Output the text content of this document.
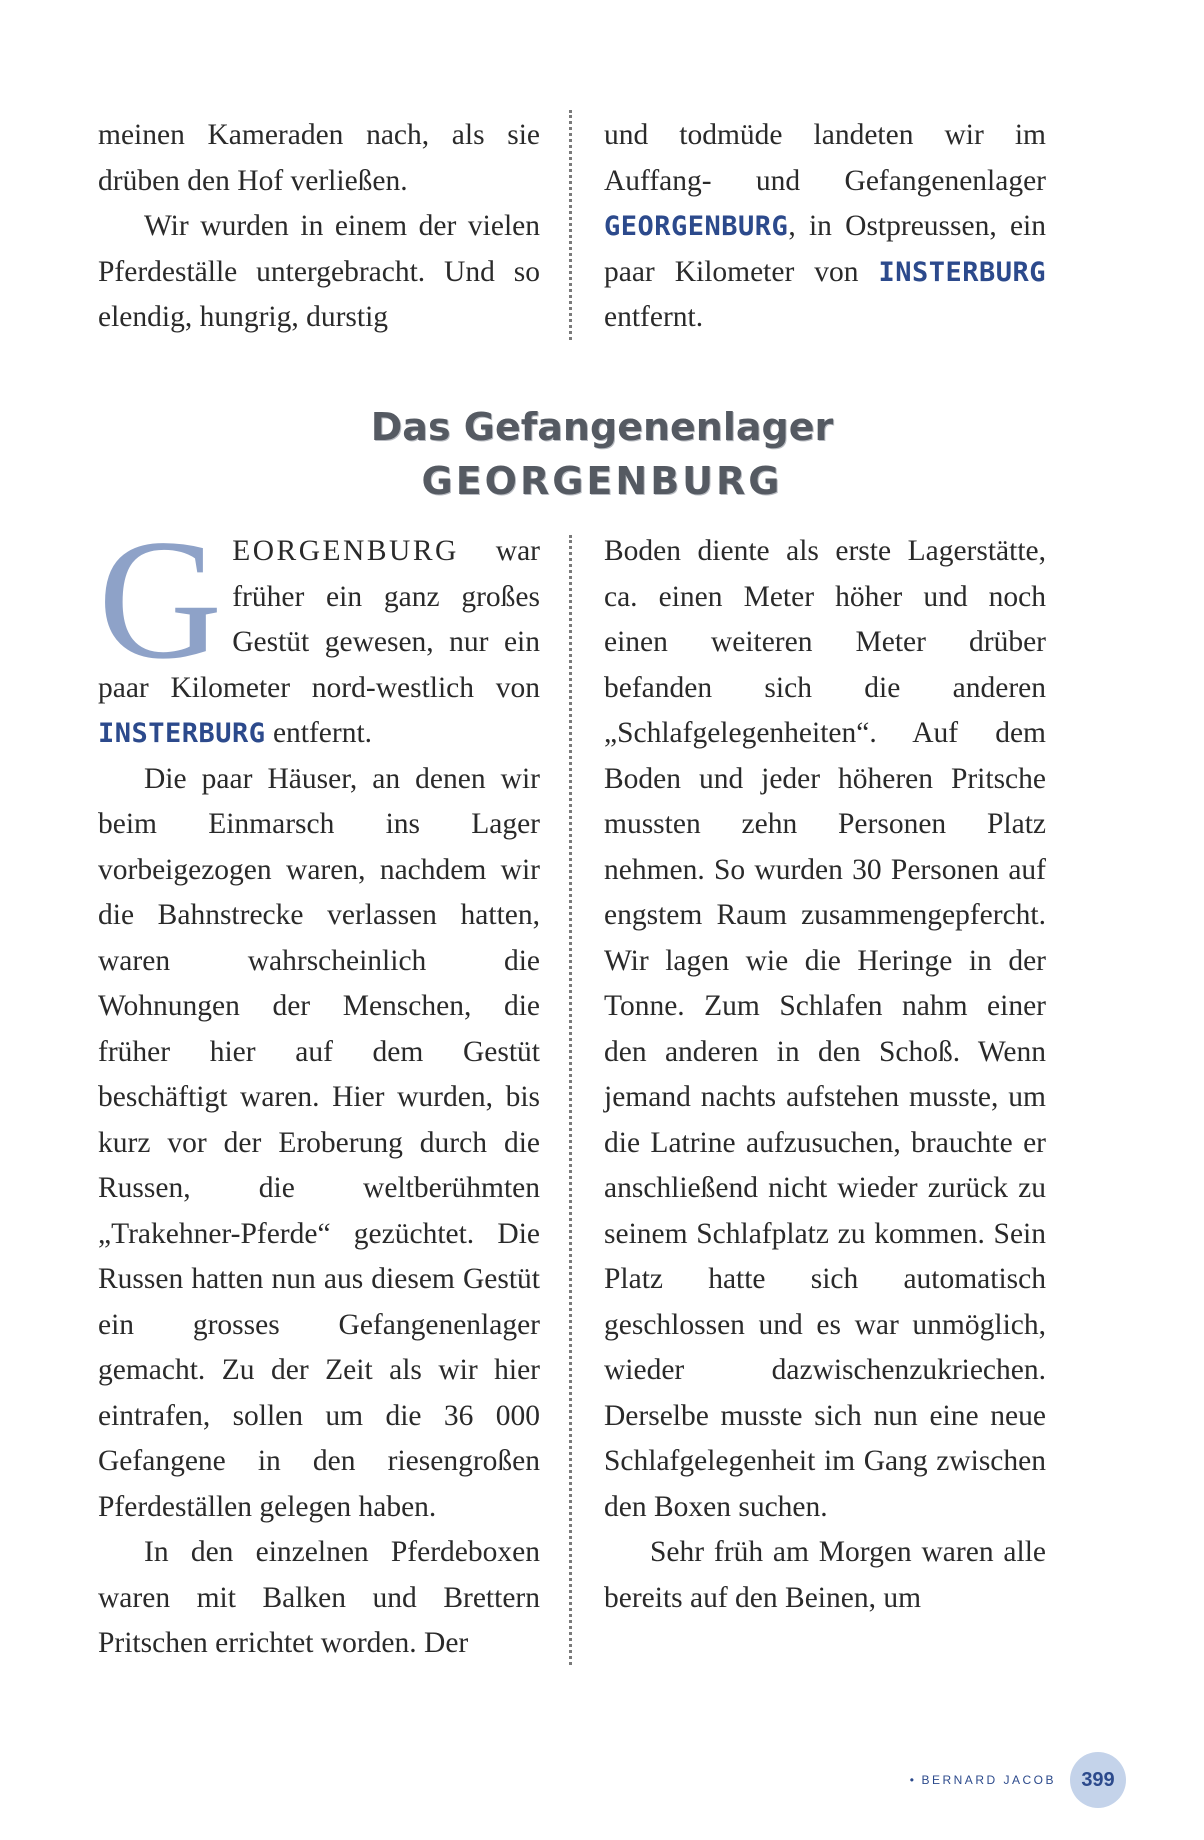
meinen Kameraden nach, als sie drüben den Hof verließen.

Wir wurden in einem der vielen Pferdeställe untergebracht. Und so elendig, hungrig, durstig

und todmüde landeten wir im Auffang- und Gefangenenlager GEORGENBURG, in Ostpreussen, ein paar Kilometer von INSTERBURG entfernt.

Das Gefangenenlager
GEORGENBURG

GEORGENBURG war früher ein ganz großes Gestüt gewesen, nur ein paar Kilometer nord-westlich von INSTERBURG entfernt.

Die paar Häuser, an denen wir beim Einmarsch ins Lager vorbeigezogen waren, nachdem wir die Bahnstrecke verlassen hatten, waren wahrscheinlich die Wohnungen der Menschen, die früher hier auf dem Gestüt beschäftigt waren. Hier wurden, bis kurz vor der Eroberung durch die Russen, die weltberühmten „Trakehner-Pferde“ gezüchtet. Die Russen hatten nun aus diesem Gestüt ein grosses Gefangenenlager gemacht. Zu der Zeit als wir hier eintrafen, sollen um die 36 000 Gefangene in den riesengroßen Pferdeställen gelegen haben.

In den einzelnen Pferdeboxen waren mit Balken und Brettern Pritschen errichtet worden. Der

Boden diente als erste Lagerstätte, ca. einen Meter höher und noch einen weiteren Meter drüber befanden sich die anderen „Schlafgelegenheiten“. Auf dem Boden und jeder höheren Pritsche mussten zehn Personen Platz nehmen. So wurden 30 Personen auf engstem Raum zusammengepfercht. Wir lagen wie die Heringe in der Tonne. Zum Schlafen nahm einer den anderen in den Schoß. Wenn jemand nachts aufstehen musste, um die Latrine aufzusuchen, brauchte er anschließend nicht wieder zurück zu seinem Schlafplatz zu kommen. Sein Platz hatte sich automatisch geschlossen und es war unmöglich, wieder dazwischenzukriechen. Derselbe musste sich nun eine neue Schlafgelegenheit im Gang zwischen den Boxen suchen.

Sehr früh am Morgen waren alle bereits auf den Beinen, um

• BERNARD JACOB	399
